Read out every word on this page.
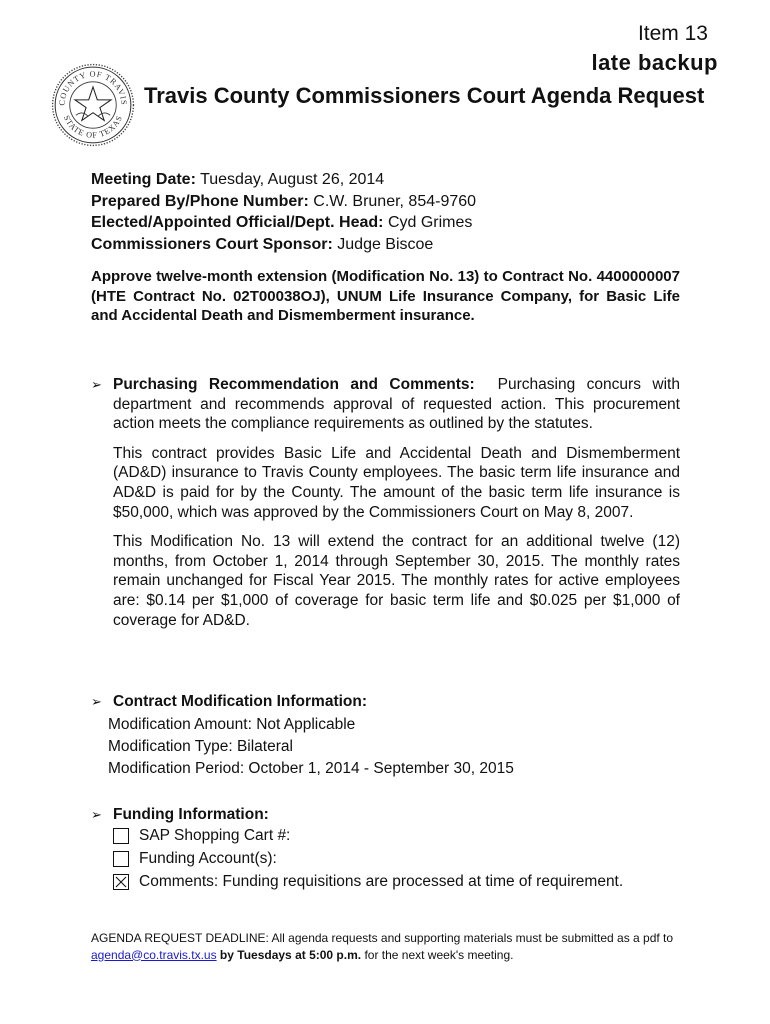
Item 13
late backup
COUNTY OF TRAVIS
STATE OF TEXAS
Travis County Commissioners Court Agenda Request
Meeting Date: Tuesday, August 26, 2014
Prepared By/Phone Number: C.W. Bruner, 854-9760
Elected/Appointed Official/Dept. Head: Cyd Grimes
Commissioners Court Sponsor: Judge Biscoe
Approve twelve-month extension (Modification No. 13) to Contract No. 4400000007 (HTE Contract No. 02T00038OJ), UNUM Life Insurance Company, for Basic Life and Accidental Death and Dismemberment insurance.
➢ Purchasing Recommendation and Comments: Purchasing concurs with department and recommends approval of requested action. This procurement action meets the compliance requirements as outlined by the statutes.
This contract provides Basic Life and Accidental Death and Dismemberment (AD&D) insurance to Travis County employees. The basic term life insurance and AD&D is paid for by the County. The amount of the basic term life insurance is $50,000, which was approved by the Commissioners Court on May 8, 2007.
This Modification No. 13 will extend the contract for an additional twelve (12) months, from October 1, 2014 through September 30, 2015. The monthly rates remain unchanged for Fiscal Year 2015. The monthly rates for active employees are: $0.14 per $1,000 of coverage for basic term life and $0.025 per $1,000 of coverage for AD&D.
➢ Contract Modification Information:
Modification Amount: Not Applicable
Modification Type: Bilateral
Modification Period: October 1, 2014 - September 30, 2015
➢ Funding Information:
SAP Shopping Cart #:
Funding Account(s):
Comments: Funding requisitions are processed at time of requirement.
AGENDA REQUEST DEADLINE: All agenda requests and supporting materials must be submitted as a pdf to agenda@co.travis.tx.us by Tuesdays at 5:00 p.m. for the next week's meeting.
